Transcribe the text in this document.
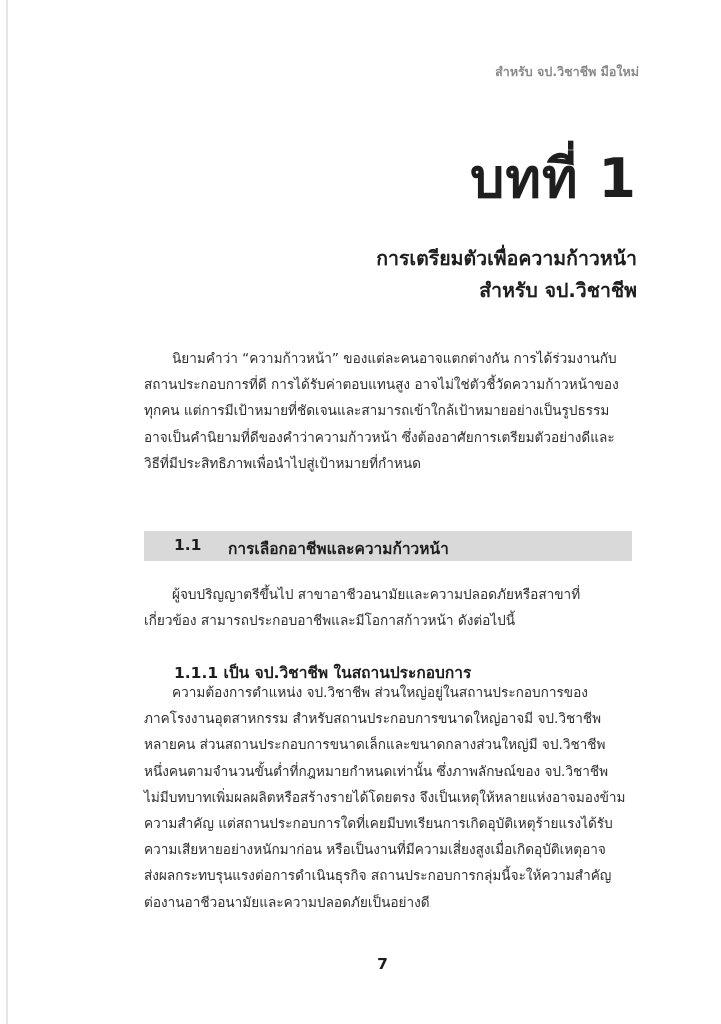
สำหรับ จป.วิชาชีพ มือใหม่
บทที่ 1
การเตรียมตัวเพื่อความก้าวหน้า
สำหรับ จป.วิชาชีพ
นิยามคำว่า “ความก้าวหน้า” ของแต่ละคนอาจแตกต่างกัน การได้ร่วมงานกับ
สถานประกอบการที่ดี การได้รับค่าตอบแทนสูง อาจไม่ใช่ตัวชี้วัดความก้าวหน้าของ
ทุกคน แต่การมีเป้าหมายที่ชัดเจนและสามารถเข้าใกล้เป้าหมายอย่างเป็นรูปธรรม
อาจเป็นคำนิยามที่ดีของคำว่าความก้าวหน้า ซึ่งต้องอาศัยการเตรียมตัวอย่างดีและ
วิธีที่มีประสิทธิภาพเพื่อนำไปสู่เป้าหมายที่กำหนด
1.1 การเลือกอาชีพและความก้าวหน้า
ผู้จบปริญญาตรีขึ้นไป สาขาอาชีวอนามัยและความปลอดภัยหรือสาขาที่
เกี่ยวข้อง สามารถประกอบอาชีพและมีโอกาสก้าวหน้า ดังต่อไปนี้
1.1.1 เป็น จป.วิชาชีพ ในสถานประกอบการ
ความต้องการตำแหน่ง จป.วิชาชีพ ส่วนใหญ่อยู่ในสถานประกอบการของ
ภาคโรงงานอุตสาหกรรม สำหรับสถานประกอบการขนาดใหญ่อาจมี จป.วิชาชีพ
หลายคน ส่วนสถานประกอบการขนาดเล็กและขนาดกลางส่วนใหญ่มี จป.วิชาชีพ
หนึ่งคนตามจำนวนขั้นต่ำที่กฎหมายกำหนดเท่านั้น ซึ่งภาพลักษณ์ของ จป.วิชาชีพ
ไม่มีบทบาทเพิ่มผลผลิตหรือสร้างรายได้โดยตรง จึงเป็นเหตุให้หลายแห่งอาจมองข้าม
ความสำคัญ แต่สถานประกอบการใดที่เคยมีบทเรียนการเกิดอุบัติเหตุร้ายแรงได้รับ
ความเสียหายอย่างหนักมาก่อน หรือเป็นงานที่มีความเสี่ยงสูงเมื่อเกิดอุบัติเหตุอาจ
ส่งผลกระทบรุนแรงต่อการดำเนินธุรกิจ สถานประกอบการกลุ่มนี้จะให้ความสำคัญ
ต่องานอาชีวอนามัยและความปลอดภัยเป็นอย่างดี
7
